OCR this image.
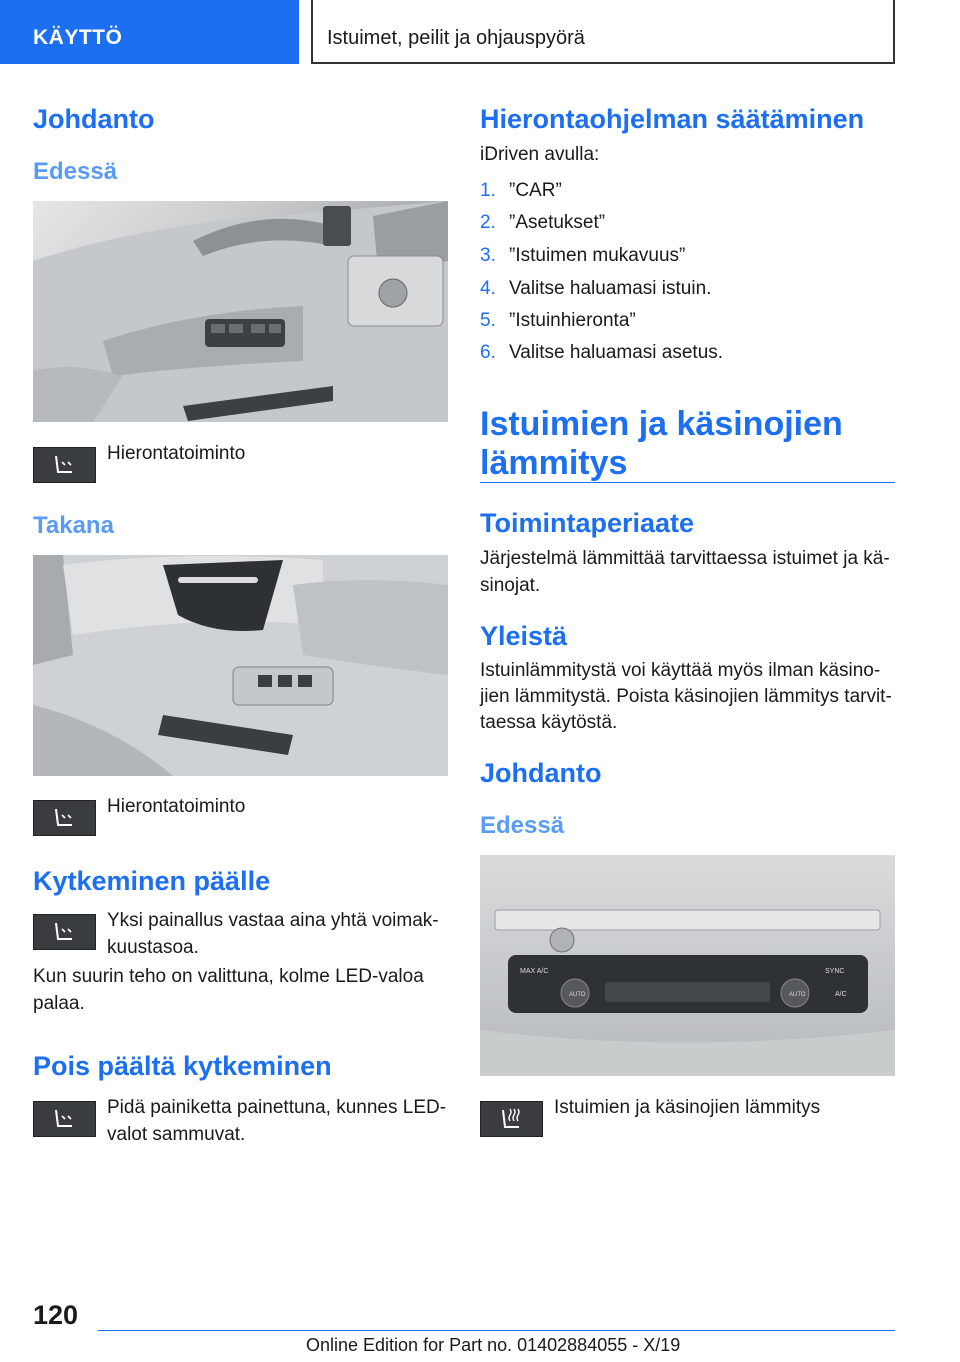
KÄYTTÖ	Istuimet, peilit ja ohjauspyörä
Johdanto
Edessä
Hierontatoiminto
Takana
Hierontatoiminto
Kytkeminen päälle
Yksi painallus vastaa aina yhtä voimak-
kuustasoa.
Kun suurin teho on valittuna, kolme LED-valoa
palaa.
Pois päältä kytkeminen
Pidä painiketta painettuna, kunnes LED-
valot sammuvat.
Hierontaohjelman säätäminen
iDriven avulla:
1. ”CAR”
2. ”Asetukset”
3. ”Istuimen mukavuus”
4. Valitse haluamasi istuin.
5. ”Istuinhieronta”
6. Valitse haluamasi asetus.
Istuimien ja käsinojien
lämmitys
Toimintaperiaate
Järjestelmä lämmittää tarvittaessa istuimet ja kä-
sinojat.
Yleistä
Istuinlämmitystä voi käyttää myös ilman käsino-
jien lämmitystä. Poista käsinojien lämmitys tarvit-
taessa käytöstä.
Johdanto
Edessä
MAX A/C
AUTO	AUTO
SYNC
A/C
Istuimien ja käsinojien lämmitys
120
Online Edition for Part no. 01402884055 - X/19
